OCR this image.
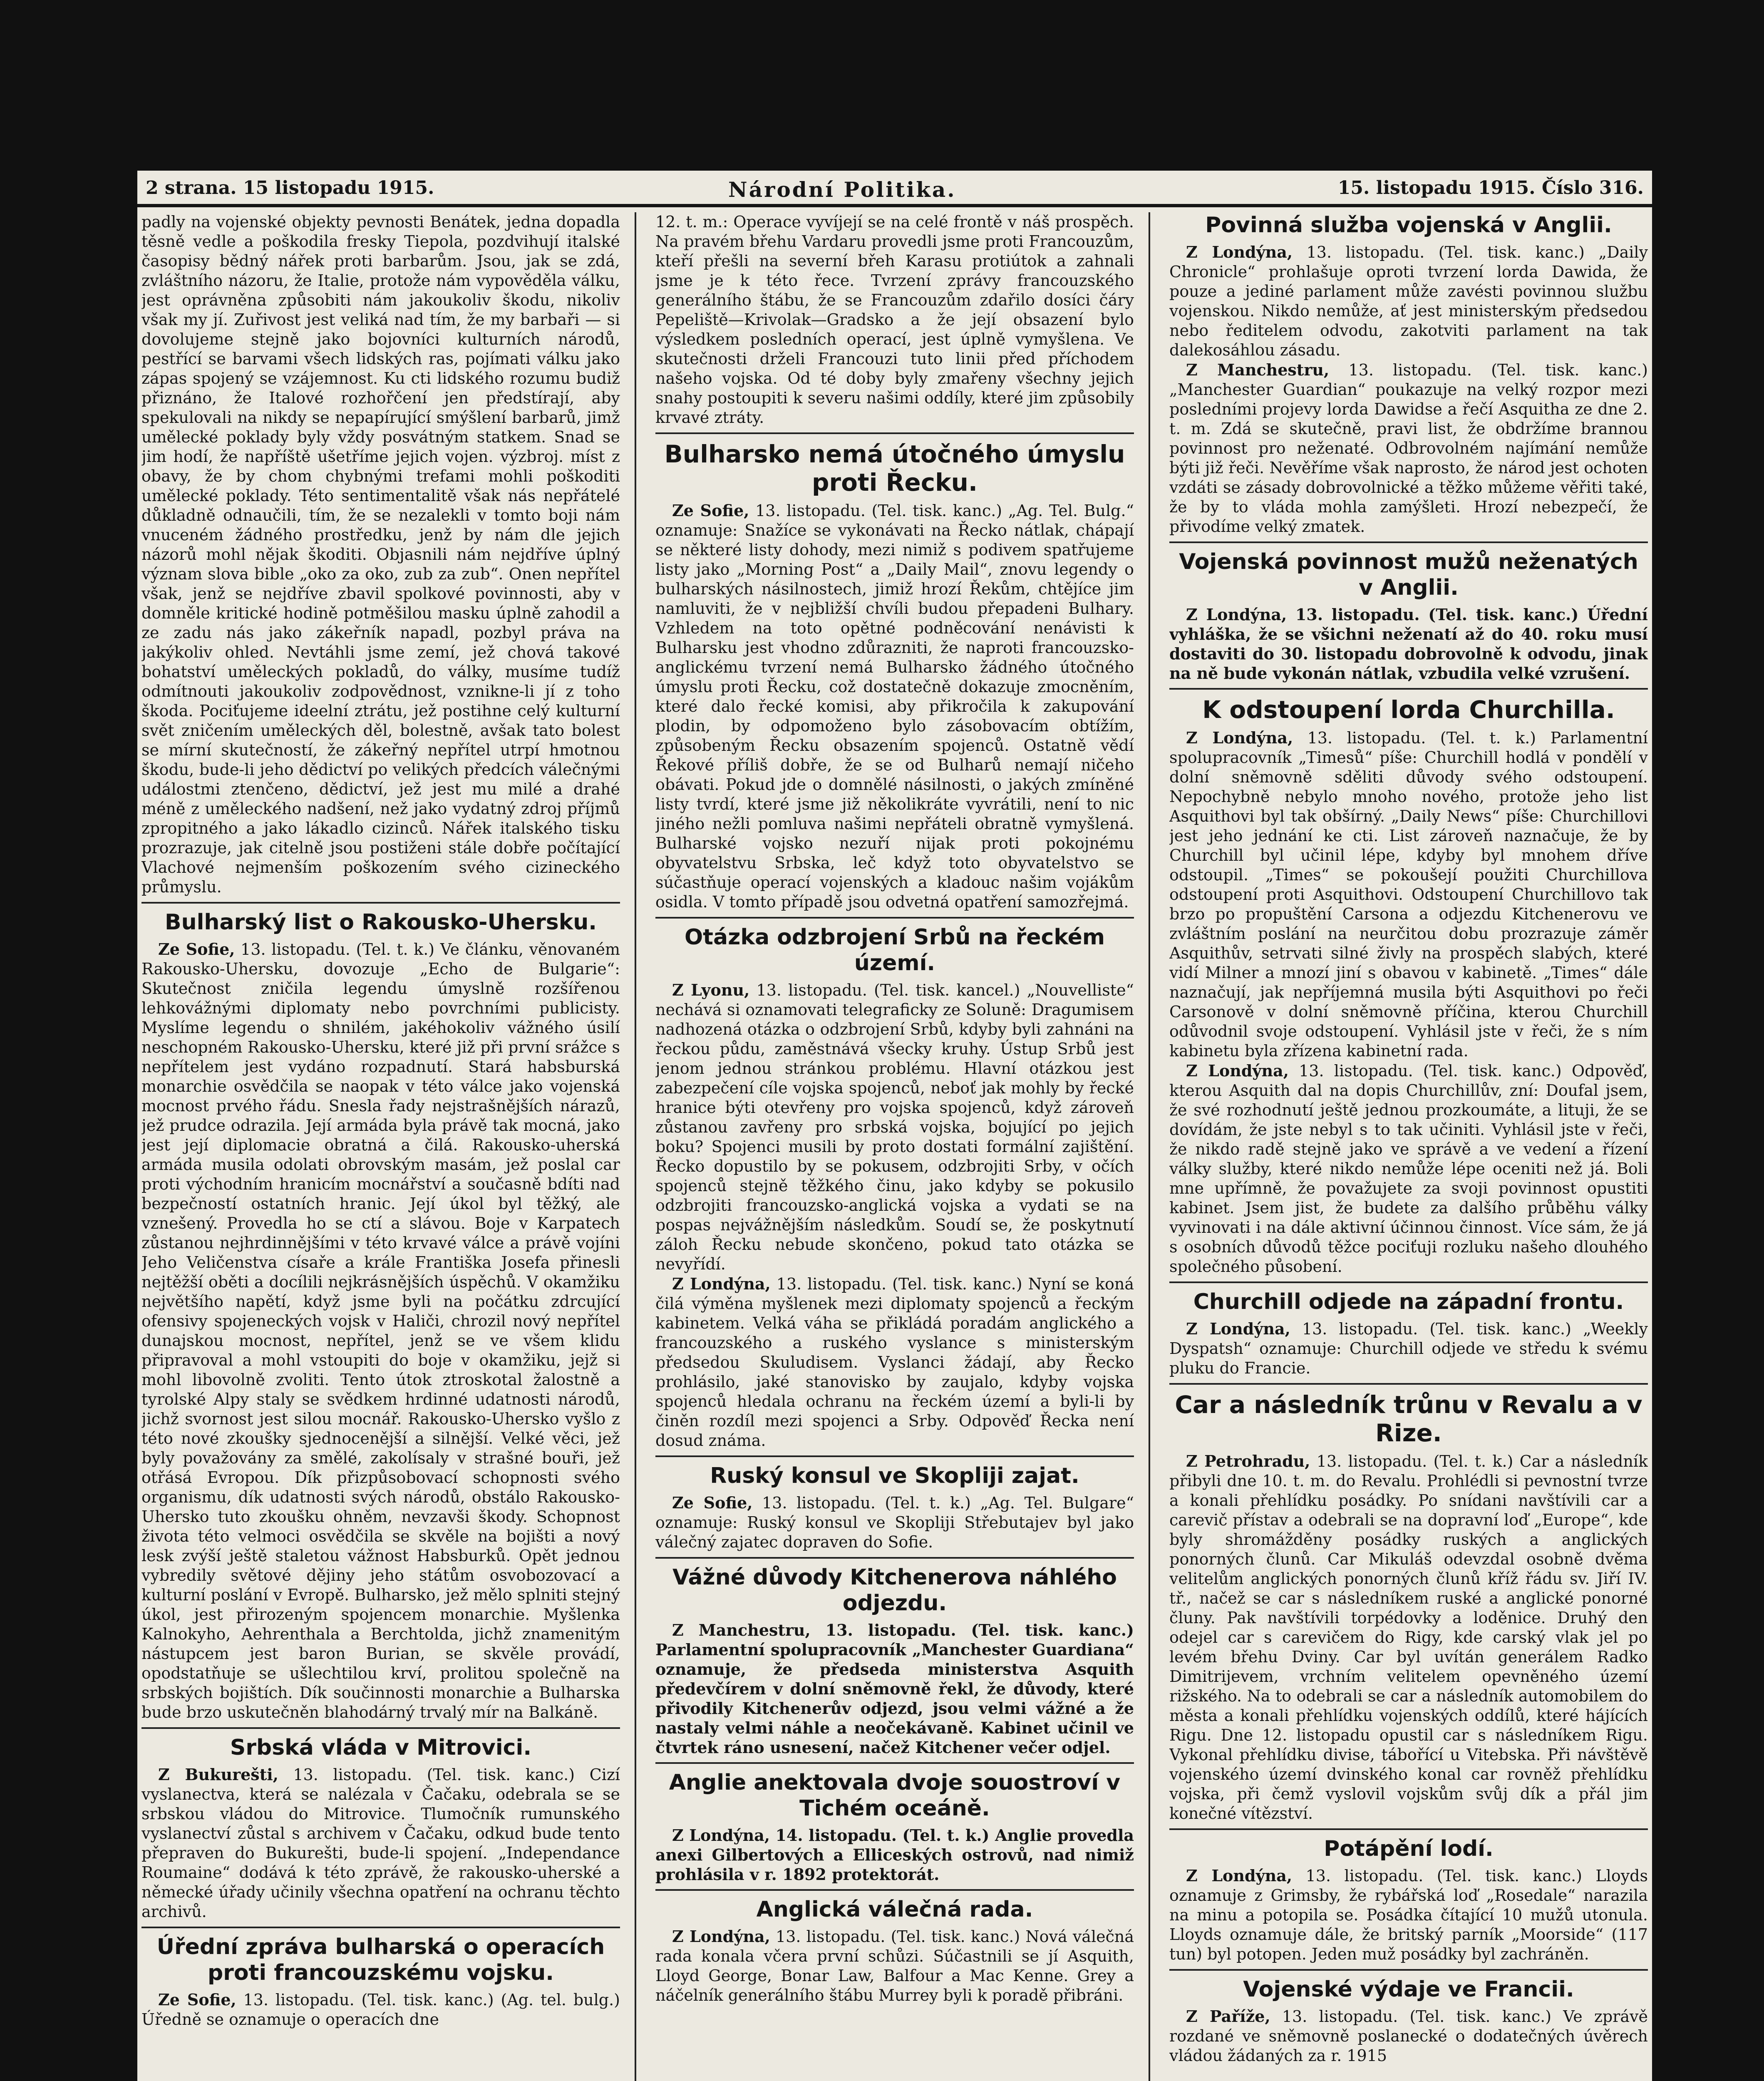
2 strana. 15 listopadu 1915.	Národní Politika.	15. listopadu 1915. Číslo 316.

padly na vojenské objekty pevnosti Benátek, jedna dopadla těsně vedle a poškodila fresky Tiepola, pozdvihují italské časopisy bědný nářek proti barbarům. Jsou, jak se zdá, zvláštního názoru, že Italie, protože nám vypověděla válku, jest oprávněna způsobiti nám jakoukoliv škodu, nikoliv však my jí. Zuřivost jest veliká nad tím, že my barbaři — si dovolujeme stejně jako bojovníci kulturních národů, pestřící se barvami všech lidských ras, pojímati válku jako zápas spojený se vzájemnost. Ku cti lidského rozumu budiž přiznáno, že Italové rozhořčení jen předstírají, aby spekulovali na nikdy se nepapírující smýšlení barbarů, jimž umělecké poklady byly vždy posvátným statkem. Snad se jim hodí, že napříště ušetříme jejich vojen. výzbroj. míst z obavy, že by chom chybnými trefami mohli poškoditi umělecké poklady. Této sentimentalitě však nás nepřátelé důkladně odnaučili, tím, že se nezalekli v tomto boji nám vnuceném žádného prostředku, jenž by nám dle jejich názorů mohl nějak škoditi. Objasnili nám nejdříve úplný význam slova bible „oko za oko, zub za zub“. Onen nepřítel však, jenž se nejdříve zbavil spolkové povinnosti, aby v domněle kritické hodině potměšilou masku úplně zahodil a ze zadu nás jako zákeřník napadl, pozbyl práva na jakýkoliv ohled. Nevtáhli jsme zemí, jež chová takové bohatství uměleckých pokladů, do války, musíme tudíž odmítnouti jakoukoliv zodpovědnost, vznikne-li jí z toho škoda. Pociťujeme ideelní ztrátu, jež postihne celý kulturní svět zničením uměleckých děl, bolestně, avšak tato bolest se mírní skutečností, že zákeřný nepřítel utrpí hmotnou škodu, bude-li jeho dědictví po velikých předcích válečnými událostmi ztenčeno, dědictví, jež jest mu milé a drahé méně z uměleckého nadšení, než jako vydatný zdroj příjmů zpropitného a jako lákadlo cizinců. Nářek italského tisku prozrazuje, jak citelně jsou postiženi stále dobře počítající Vlachové nejmenším poškozením svého cizineckého průmyslu.

Bulharský list o Rakousko-Uhersku.

Ze Sofie, 13. listopadu. (Tel. t. k.) Ve článku, věnovaném Rakousko-Uhersku, dovozuje „Echo de Bulgarie“: Skutečnost zničila legendu úmyslně rozšířenou lehkovážnými diplomaty nebo povrchními publicisty. Myslíme legendu o shnilém, jakéhokoliv vážného úsilí neschopném Rakousko-Uhersku, které již při první srážce s nepřítelem jest vydáno rozpadnutí. Stará habsburská monarchie osvědčila se naopak v této válce jako vojenská mocnost prvého řádu. Snesla řady nejstrašnějších nárazů, jež prudce odrazila. Její armáda byla právě tak mocná, jako jest její diplomacie obratná a čilá. Rakousko-uherská armáda musila odolati obrovským masám, jež poslal car proti východním hranicím mocnářství a současně bdíti nad bezpečností ostatních hranic. Její úkol byl těžký, ale vznešený. Provedla ho se ctí a slávou. Boje v Karpatech zůstanou nejhrdinnějšími v této krvavé válce a právě vojíni Jeho Veličenstva císaře a krále Františka Josefa přinesli nejtěžší oběti a docílili nejkrásnějších úspěchů. V okamžiku největšího napětí, když jsme byli na počátku zdrcující ofensivy spojeneckých vojsk v Haliči, chrozil nový nepřítel dunajskou mocnost, nepřítel, jenž se ve všem klidu připravoval a mohl vstoupiti do boje v okamžiku, jejž si mohl libovolně zvoliti. Tento útok ztroskotal žalostně a tyrolské Alpy staly se svědkem hrdinné udatnosti národů, jichž svornost jest silou mocnář. Rakousko-Uhersko vyšlo z této nové zkoušky sjednocenější a silnější. Velké věci, jež byly považovány za smělé, zakolísaly v strašné bouři, jež otřásá Evropou. Dík přizpůsobovací schopnosti svého organismu, dík udatnosti svých národů, obstálo Rakousko-Uhersko tuto zkoušku ohněm, nevzavši škody. Schopnost života této velmoci osvědčila se skvěle na bojišti a nový lesk zvýší ještě staletou vážnost Habsburků. Opět jednou vybredily světové dějiny jeho státům osvobozovací a kulturní poslání v Evropě. Bulharsko, jež mělo splniti stejný úkol, jest přirozeným spojencem monarchie. Myšlenka Kalnokyho, Aehrenthala a Berchtolda, jichž znamenitým nástupcem jest baron Burian, se skvěle provádí, opodstatňuje se ušlechtilou krví, prolitou společně na srbských bojištích. Dík součinnosti monarchie a Bulharska bude brzo uskutečněn blahodárný trvalý mír na Balkáně.

Srbská vláda v Mitrovici.

Z Bukurešti, 13. listopadu. (Tel. tisk. kanc.) Cizí vyslanectva, která se nalézala v Čačaku, odebrala se se srbskou vládou do Mitrovice. Tlumočník rumunského vyslanectví zůstal s archivem v Čačaku, odkud bude tento přepraven do Bukurešti, bude-li spojení. „Independance Roumaine“ dodává k této zprávě, že rakousko-uherské a německé úřady učinily všechna opatření na ochranu těchto archivů.

Úřední zpráva bulharská o operacích proti francouzskému vojsku.

Ze Sofie, 13. listopadu. (Tel. tisk. kanc.) (Ag. tel. bulg.) Úředně se oznamuje o operacích dne

12. t. m.: Operace vyvíjejí se na celé frontě v náš prospěch. Na pravém břehu Vardaru provedli jsme proti Francouzům, kteří přešli na severní břeh Karasu protiútok a zahnali jsme je k této řece. Tvrzení zprávy francouzského generálního štábu, že se Francouzům zdařilo dosíci čáry Pepeliště—Krivolak—Gradsko a že její obsazení bylo výsledkem posledních operací, jest úplně vymyšlena. Ve skutečnosti drželi Francouzi tuto linii před příchodem našeho vojska. Od té doby byly zmařeny všechny jejich snahy postoupiti k severu našimi oddíly, které jim způsobily krvavé ztráty.

Bulharsko nemá útočného úmyslu proti Řecku.

Ze Sofie, 13. listopadu. (Tel. tisk. kanc.) „Ag. Tel. Bulg.“ oznamuje: Snažíce se vykonávati na Řecko nátlak, chápají se některé listy dohody, mezi nimiž s podivem spatřujeme listy jako „Morning Post“ a „Daily Mail“, znovu legendy o bulharských násilnostech, jimiž hrozí Řekům, chtějíce jim namluviti, že v nejbližší chvíli budou přepadeni Bulhary. Vzhledem na toto opětné podněcování nenávisti k Bulharsku jest vhodno zdůrazniti, že naproti francouzsko-anglickému tvrzení nemá Bulharsko žádného útočného úmyslu proti Řecku, což dostatečně dokazuje zmocněním, které dalo řecké komisi, aby přikročila k zakupování plodin, by odpomoženo bylo zásobovacím obtížím, způsobeným Řecku obsazením spojenců. Ostatně vědí Řekové příliš dobře, že se od Bulharů nemají ničeho obávati. Pokud jde o domnělé násilnosti, o jakých zmíněné listy tvrdí, které jsme již několikráte vyvrátili, není to nic jiného nežli pomluva našimi nepřáteli obratně vymyšlená. Bulharské vojsko nezuří nijak proti pokojnému obyvatelstvu Srbska, leč když toto obyvatelstvo se súčastňuje operací vojenských a kladouc našim vojákům osidla. V tomto případě jsou odvetná opatření samozřejmá.

Otázka odzbrojení Srbů na řeckém území.

Z Lyonu, 13. listopadu. (Tel. tisk. kancel.) „Nouvelliste“ nechává si oznamovati telegraficky ze Soluně: Dragumisem nadhozená otázka o odzbrojení Srbů, kdyby byli zahnáni na řeckou půdu, zaměstnává všecky kruhy. Ústup Srbů jest jenom jednou stránkou problému. Hlavní otázkou jest zabezpečení cíle vojska spojenců, neboť jak mohly by řecké hranice býti otevřeny pro vojska spojenců, když zároveň zůstanou zavřeny pro srbská vojska, bojující po jejich boku? Spojenci musili by proto dostati formální zajištění. Řecko dopustilo by se pokusem, odzbrojiti Srby, v očích spojenců stejně těžkého činu, jako kdyby se pokusilo odzbrojiti francouzsko-anglická vojska a vydati se na pospas nejvážnějším následkům. Soudí se, že poskytnutí záloh Řecku nebude skončeno, pokud tato otázka se nevyřídí.

Z Londýna, 13. listopadu. (Tel. tisk. kanc.) Nyní se koná čilá výměna myšlenek mezi diplomaty spojenců a řeckým kabinetem. Velká váha se přikládá poradám anglického a francouzského a ruského vyslance s ministerským předsedou Skuludisem. Vyslanci žádají, aby Řecko prohlásilo, jaké stanovisko by zaujalo, kdyby vojska spojenců hledala ochranu na řeckém území a byli-li by činěn rozdíl mezi spojenci a Srby. Odpověď Řecka není dosud známa.

Ruský konsul ve Skopliji zajat.

Ze Sofie, 13. listopadu. (Tel. t. k.) „Ag. Tel. Bulgare“ oznamuje: Ruský konsul ve Skopliji Střebutajev byl jako válečný zajatec dopraven do Sofie.

Vážné důvody Kitchenerova náhlého odjezdu.

Z Manchestru, 13. listopadu. (Tel. tisk. kanc.) Parlamentní spolupracovník „Manchester Guardiana“ oznamuje, že předseda ministerstva Asquith předevčírem v dolní sněmovně řekl, že důvody, které přivodily Kitchenerův odjezd, jsou velmi vážné a že nastaly velmi náhle a neočekávaně. Kabinet učinil ve čtvrtek ráno usnesení, načež Kitchener večer odjel.

Anglie anektovala dvoje souostroví v Tichém oceáně.

Z Londýna, 14. listopadu. (Tel. t. k.) Anglie provedla anexi Gilbertových a Elliceských ostrovů, nad nimiž prohlásila v r. 1892 protektorát.

Anglická válečná rada.

Z Londýna, 13. listopadu. (Tel. tisk. kanc.) Nová válečná rada konala včera první schůzi. Súčastnili se jí Asquith, Lloyd George, Bonar Law, Balfour a Mac Kenne. Grey a náčelník generálního štábu Murrey byli k poradě přibráni.

Povinná služba vojenská v Anglii.

Z Londýna, 13. listopadu. (Tel. tisk. kanc.) „Daily Chronicle“ prohlašuje oproti tvrzení lorda Dawida, že pouze a jediné parlament může zavésti povinnou službu vojenskou. Nikdo nemůže, ať jest ministerským předsedou nebo ředitelem odvodu, zakotviti parlament na tak dalekosáhlou zásadu.

Z Manchestru, 13. listopadu. (Tel. tisk. kanc.) „Manchester Guardian“ poukazuje na velký rozpor mezi posledními projevy lorda Dawidse a řečí Asquitha ze dne 2. t. m. Zdá se skutečně, pravi list, že obdržíme brannou povinnost pro neženaté. Odbrovolném najímání nemůže býti již řeči. Nevěříme však naprosto, že národ jest ochoten vzdáti se zásady dobrovolnické a těžko můžeme věřiti také, že by to vláda mohla zamýšleti. Hrozí nebezpečí, že přivodíme velký zmatek.

Vojenská povinnost mužů neženatých v Anglii.

Z Londýna, 13. listopadu. (Tel. tisk. kanc.) Úřední vyhláška, že se všichni neženatí až do 40. roku musí dostaviti do 30. listopadu dobrovolně k odvodu, jinak na ně bude vykonán nátlak, vzbudila velké vzrušení.

K odstoupení lorda Churchilla.

Z Londýna, 13. listopadu. (Tel. t. k.) Parlamentní spolupracovník „Timesů“ píše: Churchill hodlá v pondělí v dolní sněmovně sděliti důvody svého odstoupení. Nepochybně nebylo mnoho nového, protože jeho list Asquithovi byl tak obšírný. „Daily News“ píše: Churchillovi jest jeho jednání ke cti. List zároveň naznačuje, že by Churchill byl učinil lépe, kdyby byl mnohem dříve odstoupil. „Times“ se pokoušejí použiti Churchillova odstoupení proti Asquithovi. Odstoupení Churchillovo tak brzo po propuštění Carsona a odjezdu Kitchenerovu ve zvláštním poslání na neurčitou dobu prozrazuje záměr Asquithův, setrvati silné živly na prospěch slabých, které vidí Milner a mnozí jiní s obavou v kabinetě. „Times“ dále naznačují, jak nepříjemná musila býti Asquithovi po řeči Carsonově v dolní sněmovně příčina, kterou Churchill odůvodnil svoje odstoupení. Vyhlásil jste v řeči, že s ním kabinetu byla zřízena kabinetní rada.

Z Londýna, 13. listopadu. (Tel. tisk. kanc.) Odpověď, kterou Asquith dal na dopis Churchillův, zní: Doufal jsem, že své rozhodnutí ještě jednou prozkoumáte, a lituji, že se dovídám, že jste nebyl s to tak učiniti. Vyhlásil jste v řeči, že nikdo radě stejně jako ve správě a ve vedení a řízení války služby, které nikdo nemůže lépe oceniti než já. Boli mne upřímně, že považujete za svoji povinnost opustiti kabinet. Jsem jist, že budete za dalšího průběhu války vyvinovati i na dále aktivní účinnou činnost. Více sám, že já s osobních důvodů těžce pociťuji rozluku našeho dlouhého společného působení.

Churchill odjede na západní frontu.

Z Londýna, 13. listopadu. (Tel. tisk. kanc.) „Weekly Dyspatsh“ oznamuje: Churchill odjede ve středu k svému pluku do Francie.

Car a následník trůnu v Revalu a v Rize.

Z Petrohradu, 13. listopadu. (Tel. t. k.) Car a následník přibyli dne 10. t. m. do Revalu. Prohlédli si pevnostní tvrze a konali přehlídku posádky. Po snídani navštívili car a carevič přístav a odebrali se na dopravní loď „Europe“, kde byly shromážděny posádky ruských a anglických ponorných člunů. Car Mikuláš odevzdal osobně dvěma velitelům anglických ponorných člunů kříž řádu sv. Jiří IV. tř., načež se car s následníkem ruské a anglické ponorné čluny. Pak navštívili torpédovky a loděnice. Druhý den odejel car s carevičem do Rigy, kde carský vlak jel po levém břehu Dviny. Car byl uvítán generálem Radko Dimitrijevem, vrchním velitelem opevněného území rižského. Na to odebrali se car a následník automobilem do města a konali přehlídku vojenských oddílů, které hájících Rigu. Dne 12. listopadu opustil car s následníkem Rigu. Vykonal přehlídku divise, tábořící u Vitebska. Při návštěvě vojenského území dvinského konal car rovněž přehlídku vojska, při čemž vyslovil vojskům svůj dík a přál jim konečné vítězství.

Potápění lodí.

Z Londýna, 13. listopadu. (Tel. tisk. kanc.) Lloyds oznamuje z Grimsby, že rybářská loď „Rosedale“ narazila na minu a potopila se. Posádka čítající 10 mužů utonula. Lloyds oznamuje dále, že britský parník „Moorside“ (117 tun) byl potopen. Jeden muž posádky byl zachráněn.

Vojenské výdaje ve Francii.

Z Paříže, 13. listopadu. (Tel. tisk. kanc.) Ve zprávě rozdané ve sněmovně poslanecké o dodatečných úvěrech vládou žádaných za r. 1915
